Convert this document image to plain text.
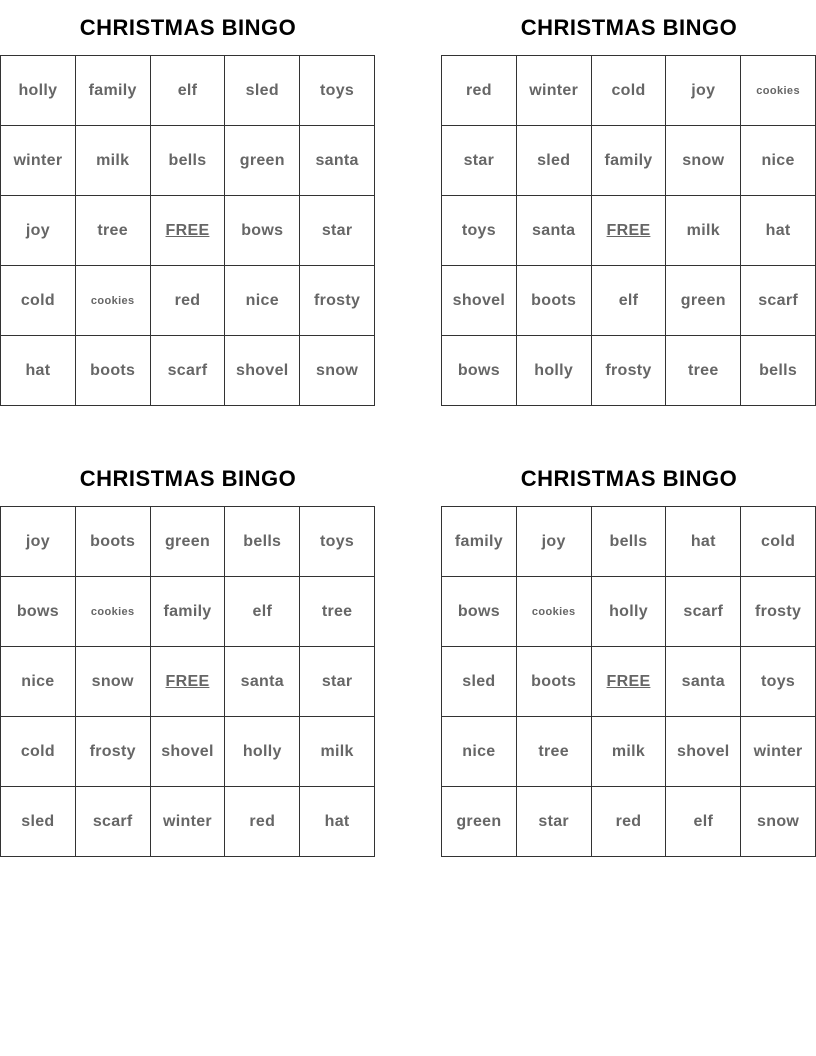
CHRISTMAS BINGO
holly	family	elf	sled	toys
winter	milk	bells	green	santa
joy	tree	FREE	bows	star
cold	cookies	red	nice	frosty
hat	boots	scarf	shovel	snow
CHRISTMAS BINGO
red	winter	cold	joy	cookies
star	sled	family	snow	nice
toys	santa	FREE	milk	hat
shovel	boots	elf	green	scarf
bows	holly	frosty	tree	bells
CHRISTMAS BINGO
joy	boots	green	bells	toys
bows	cookies	family	elf	tree
nice	snow	FREE	santa	star
cold	frosty	shovel	holly	milk
sled	scarf	winter	red	hat
CHRISTMAS BINGO
family	joy	bells	hat	cold
bows	cookies	holly	scarf	frosty
sled	boots	FREE	santa	toys
nice	tree	milk	shovel	winter
green	star	red	elf	snow
